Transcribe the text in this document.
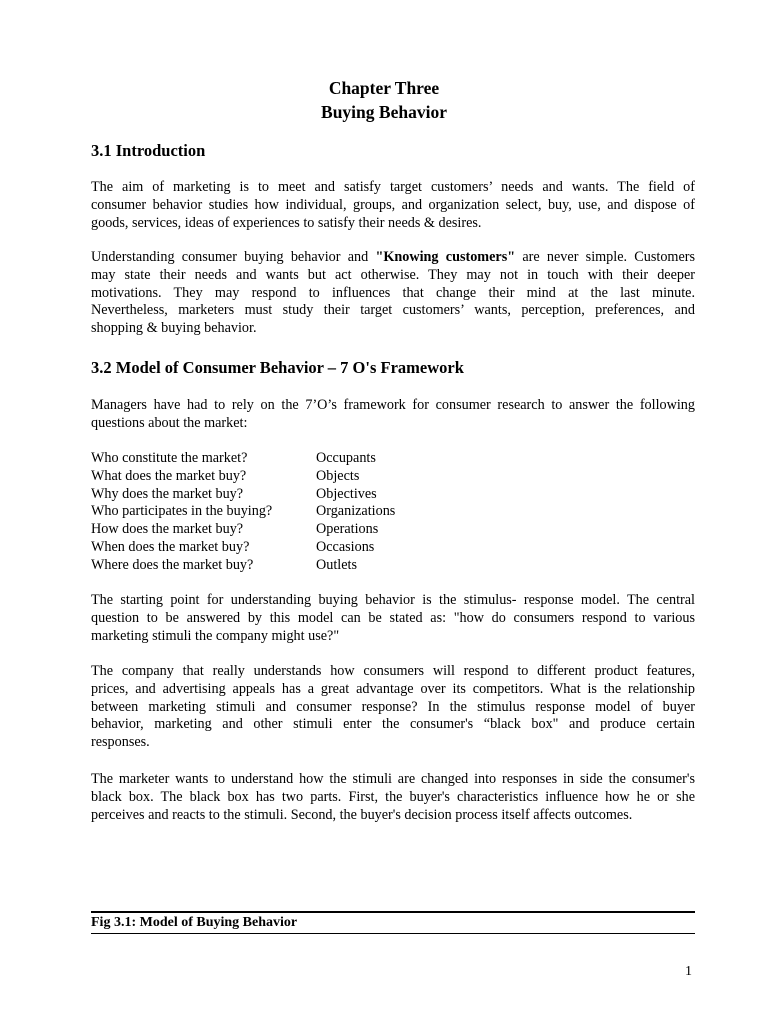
Chapter Three
Buying Behavior
3.1 Introduction
The aim of marketing is to meet and satisfy target customers’ needs and wants. The field of
consumer behavior studies how individual, groups, and organization select, buy, use, and dispose of
goods, services, ideas of experiences to satisfy their needs & desires.
Understanding consumer buying behavior and "Knowing customers" are never simple. Customers
may state their needs and wants but act otherwise. They may not in touch with their deeper
motivations. They may respond to influences that change their mind at the last minute.
Nevertheless, marketers must study their target customers’ wants, perception, preferences, and
shopping & buying behavior.
3.2 Model of Consumer Behavior – 7 O's Framework
Managers have had to rely on the 7’O’s framework for consumer research to answer the following
questions about the market:
Who constitute the market?	Occupants
What does the market buy?	Objects
Why does the market buy?	Objectives
Who participates in the buying?	Organizations
How does the market buy?	Operations
When does the market buy?	Occasions
Where does the market buy?	Outlets
The starting point for understanding buying behavior is the stimulus- response model. The central
question to be answered by this model can be stated as: "how do consumers respond to various
marketing stimuli the company might use?"
The company that really understands how consumers will respond to different product features,
prices, and advertising appeals has a great advantage over its competitors. What is the relationship
between marketing stimuli and consumer response? In the stimulus response model of buyer
behavior, marketing and other stimuli enter the consumer's “black box" and produce certain
responses.
The marketer wants to understand how the stimuli are changed into responses in side the consumer's
black box. The black box has two parts. First, the buyer's characteristics influence how he or she
perceives and reacts to the stimuli. Second, the buyer's decision process itself affects outcomes.
Fig 3.1: Model of Buying Behavior
1
